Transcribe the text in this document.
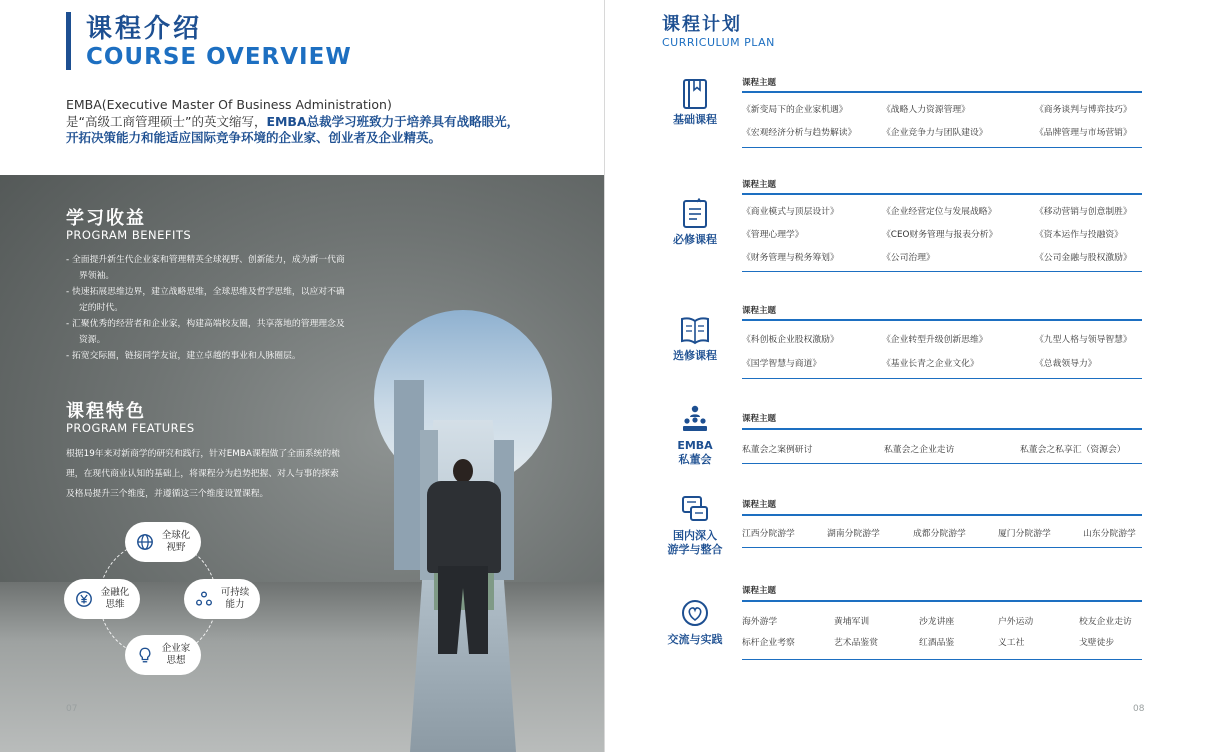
课程介绍
COURSE OVERVIEW
EMBA(Executive Master Of Business Administration)
是“高级工商管理硕士”的英文缩写，EMBA总裁学习班致力于培养具有战略眼光，
开拓决策能力和能适应国际竞争环境的企业家、创业者及企业精英。
学习收益
PROGRAM BENEFITS
- 全面提升新生代企业家和管理精英全球视野、创新能力，成为新一代商界领袖。
- 快速拓展思维边界，建立战略思维，全球思维及哲学思维，以应对不确定的时代。
- 汇聚优秀的经营者和企业家，构建高端校友圈，共享落地的管理理念及资源。
- 拓宽交际圈，链接同学友谊，建立卓越的事业和人脉圈层。
课程特色
PROGRAM FEATURES
根据19年来对新商学的研究和践行，针对EMBA课程做了全面系统的梳理，在现代商业认知的基础上，将课程分为趋势把握、对人与事的探索及格局提升三个维度，并遵循这三个维度设置课程。
全球化视野
可持续能力
金融化思维
企业家思想
07
课程计划
CURRICULUM PLAN
基础课程
课程主题
《新变局下的企业家机遇》	《战略人力资源管理》	《商务谈判与博弈技巧》
《宏观经济分析与趋势解读》	《企业竞争力与团队建设》	《品牌管理与市场营销》
必修课程
课程主题
《商业模式与顶层设计》	《企业经营定位与发展战略》	《移动营销与创意制胜》
《管理心理学》	《CEO财务管理与报表分析》	《资本运作与投融资》
《财务管理与税务筹划》	《公司治理》	《公司金融与股权激励》
选修课程
课程主题
《科创板企业股权激励》	《企业转型升级创新思维》	《九型人格与领导智慧》
《国学智慧与商道》	《基业长青之企业文化》	《总裁领导力》
EMBA
私董会
课程主题
私董会之案例研讨	私董会之企业走访	私董会之私享汇（资源会）
国内深入
游学与整合
课程主题
江西分院游学	湖南分院游学	成都分院游学	厦门分院游学	山东分院游学
交流与实践
课程主题
海外游学	黄埔军训	沙龙讲座	户外运动	校友企业走访
标杆企业考察	艺术品鉴赏	红酒品鉴	义工社	戈壁徒步
08
